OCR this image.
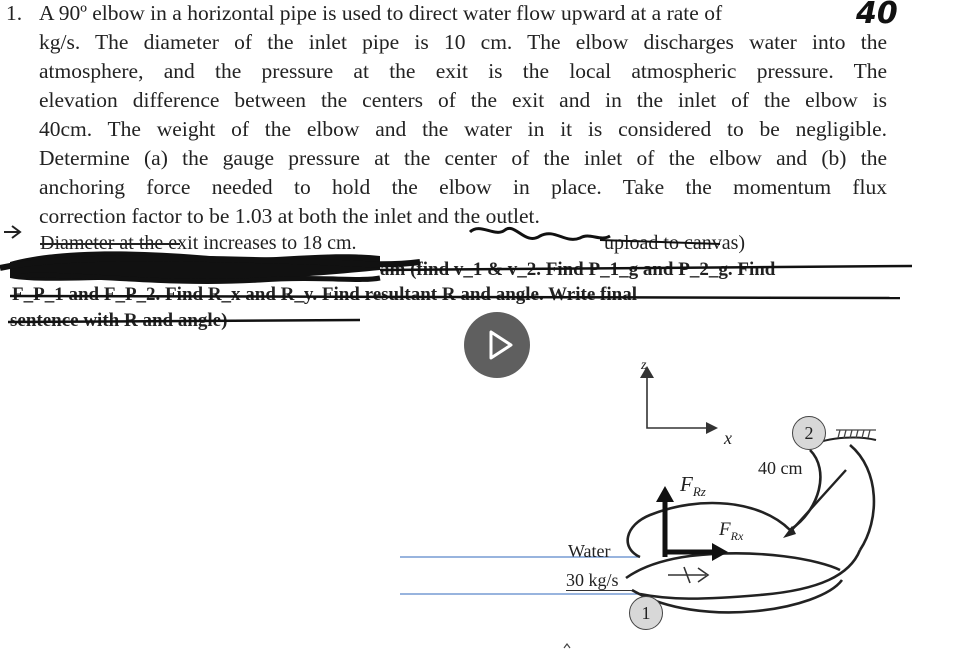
1. A 90º elbow in a horizontal pipe is used to direct water flow upward at a rate of	40
kg/s. The diameter of the inlet pipe is 10 cm. The elbow discharges water into the
atmosphere, and the pressure at the exit is the local atmospheric pressure. The
elevation difference between the centers of the exit and in the inlet of the elbow is
40cm. The weight of the elbow and the water in it is considered to be negligible.
Determine (a) the gauge pressure at the center of the inlet of the elbow and (b) the
anchoring force needed to hold the elbow in place. Take the momentum flux
correction factor to be 1.03 at both the inlet and the outlet.
Diameter at the exit increases to 18 cm.	upload to canvas)
am (find v_1 & v_2. Find P_1_g and P_2_g. Find
F_P_1 and F_P_2. Find R_x and R_y. Find resultant R and angle. Write final
sentence with R and angle)
z
x
$F_{Rz}$
$F_{Rx}$
40 cm
Water
30 kg/s
1
2
